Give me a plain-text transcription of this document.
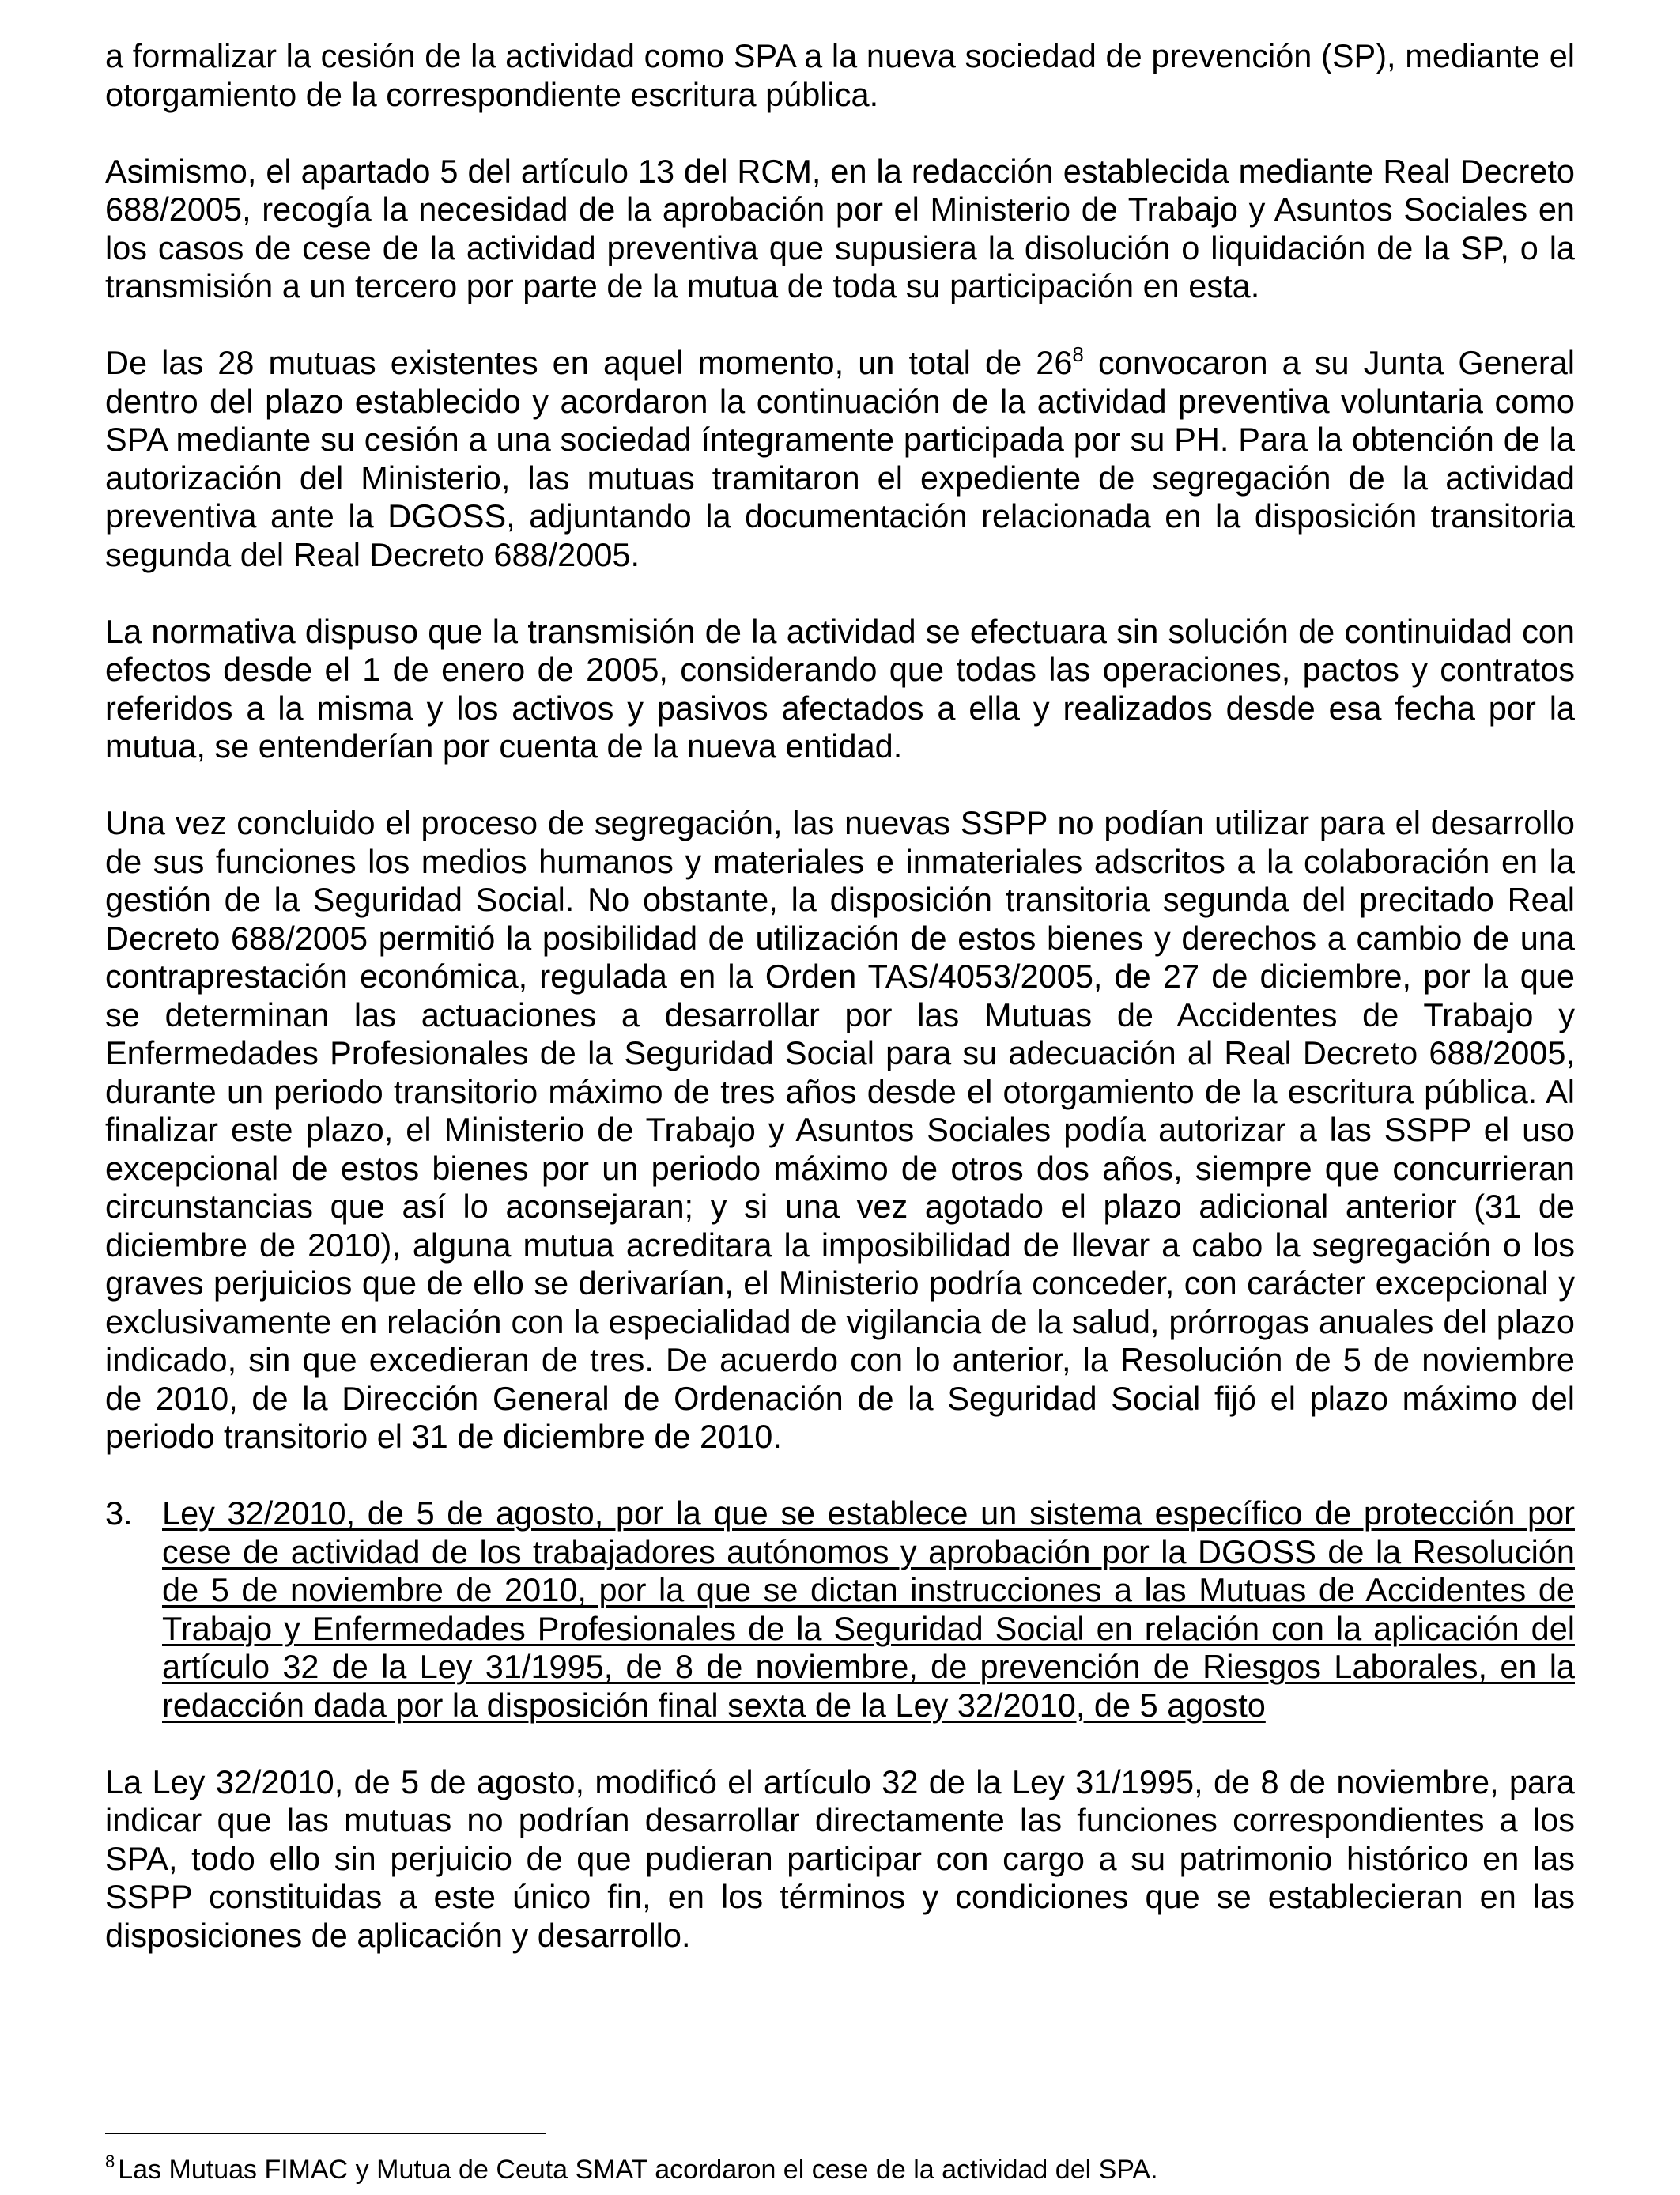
a formalizar la cesión de la actividad como SPA a la nueva sociedad de prevención (SP), mediante el otorgamiento de la correspondiente escritura pública.

Asimismo, el apartado 5 del artículo 13 del RCM, en la redacción establecida mediante Real Decreto 688/2005, recogía la necesidad de la aprobación por el Ministerio de Trabajo y Asuntos Sociales en los casos de cese de la actividad preventiva que supusiera la disolución o liquidación de la SP, o la transmisión a un tercero por parte de la mutua de toda su participación en esta.

De las 28 mutuas existentes en aquel momento, un total de 26$^8$ convocaron a su Junta General dentro del plazo establecido y acordaron la continuación de la actividad preventiva voluntaria como SPA mediante su cesión a una sociedad íntegramente participada por su PH. Para la obtención de la autorización del Ministerio, las mutuas tramitaron el expediente de segregación de la actividad preventiva ante la DGOSS, adjuntando la documentación relacionada en la disposición transitoria segunda del Real Decreto 688/2005.

La normativa dispuso que la transmisión de la actividad se efectuara sin solución de continuidad con efectos desde el 1 de enero de 2005, considerando que todas las operaciones, pactos y contratos referidos a la misma y los activos y pasivos afectados a ella y realizados desde esa fecha por la mutua, se entenderían por cuenta de la nueva entidad.

Una vez concluido el proceso de segregación, las nuevas SSPP no podían utilizar para el desarrollo de sus funciones los medios humanos y materiales e inmateriales adscritos a la colaboración en la gestión de la Seguridad Social. No obstante, la disposición transitoria segunda del precitado Real Decreto 688/2005 permitió la posibilidad de utilización de estos bienes y derechos a cambio de una contraprestación económica, regulada en la Orden TAS/4053/2005, de 27 de diciembre, por la que se determinan las actuaciones a desarrollar por las Mutuas de Accidentes de Trabajo y Enfermedades Profesionales de la Seguridad Social para su adecuación al Real Decreto 688/2005, durante un periodo transitorio máximo de tres años desde el otorgamiento de la escritura pública. Al finalizar este plazo, el Ministerio de Trabajo y Asuntos Sociales podía autorizar a las SSPP el uso excepcional de estos bienes por un periodo máximo de otros dos años, siempre que concurrieran circunstancias que así lo aconsejaran; y si una vez agotado el plazo adicional anterior (31 de diciembre de 2010), alguna mutua acreditara la imposibilidad de llevar a cabo la segregación o los graves perjuicios que de ello se derivarían, el Ministerio podría conceder, con carácter excepcional y exclusivamente en relación con la especialidad de vigilancia de la salud, prórrogas anuales del plazo indicado, sin que excedieran de tres. De acuerdo con lo anterior, la Resolución de 5 de noviembre de 2010, de la Dirección General de Ordenación de la Seguridad Social fijó el plazo máximo del periodo transitorio el 31 de diciembre de 2010.

3. Ley 32/2010, de 5 de agosto, por la que se establece un sistema específico de protección por cese de actividad de los trabajadores autónomos y aprobación por la DGOSS de la Resolución de 5 de noviembre de 2010, por la que se dictan instrucciones a las Mutuas de Accidentes de Trabajo y Enfermedades Profesionales de la Seguridad Social en relación con la aplicación del artículo 32 de la Ley 31/1995, de 8 de noviembre, de prevención de Riesgos Laborales, en la redacción dada por la disposición final sexta de la Ley 32/2010, de 5 agosto

La Ley 32/2010, de 5 de agosto, modificó el artículo 32 de la Ley 31/1995, de 8 de noviembre, para indicar que las mutuas no podrían desarrollar directamente las funciones correspondientes a los SPA, todo ello sin perjuicio de que pudieran participar con cargo a su patrimonio histórico en las SSPP constituidas a este único fin, en los términos y condiciones que se establecieran en las disposiciones de aplicación y desarrollo.

$^8$ Las Mutuas FIMAC y Mutua de Ceuta SMAT acordaron el cese de la actividad del SPA.
